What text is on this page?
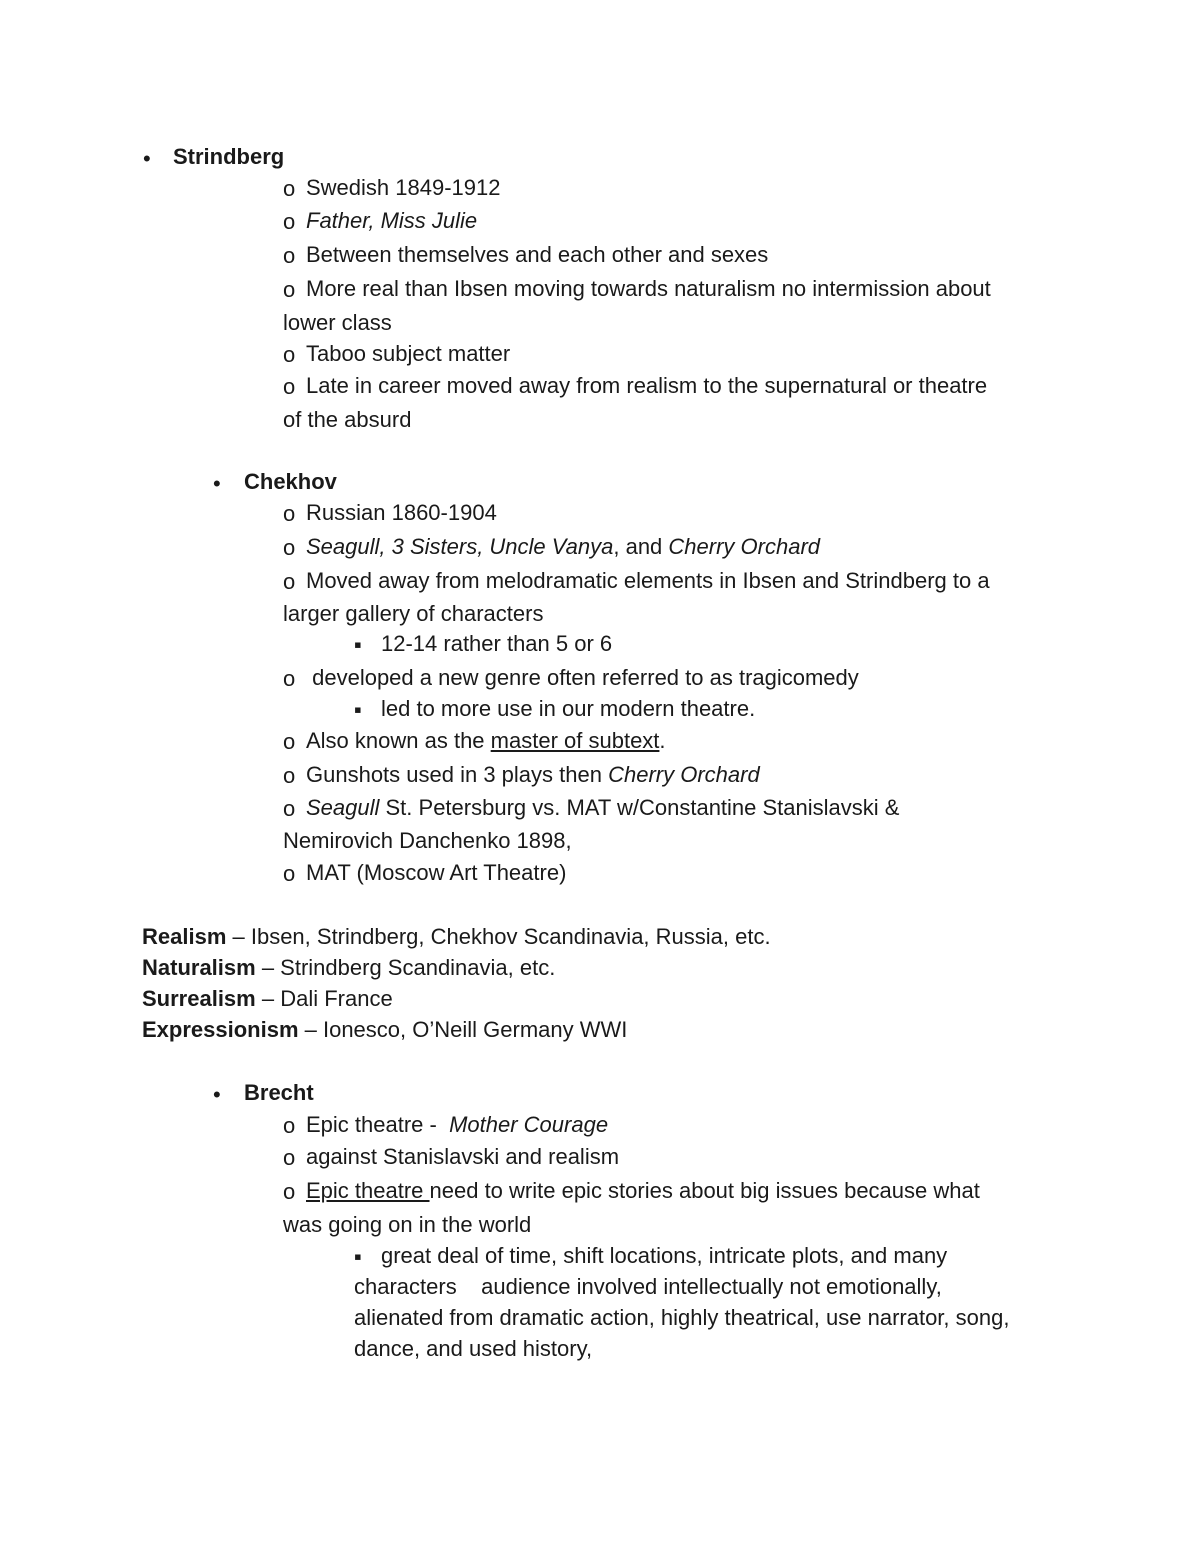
• Strindberg
o Swedish 1849-1912
o Father, Miss Julie
o Between themselves and each other and sexes
o More real than Ibsen moving towards naturalism no intermission about
lower class
o Taboo subject matter
o Late in career moved away from realism to the supernatural or theatre
of the absurd
• Chekhov
o Russian 1860-1904
o Seagull, 3 Sisters, Uncle Vanya, and Cherry Orchard
o Moved away from melodramatic elements in Ibsen and Strindberg to a
larger gallery of characters
▪ 12-14 rather than 5 or 6
o developed a new genre often referred to as tragicomedy
▪ led to more use in our modern theatre.
o Also known as the master of subtext.
o Gunshots used in 3 plays then Cherry Orchard
o Seagull St. Petersburg vs. MAT w/Constantine Stanislavski &
Nemirovich Danchenko 1898,
o MAT (Moscow Art Theatre)
Realism – Ibsen, Strindberg, Chekhov Scandinavia, Russia, etc.
Naturalism – Strindberg Scandinavia, etc.
Surrealism – Dali France
Expressionism – Ionesco, O’Neill Germany WWI
• Brecht
o Epic theatre -  Mother Courage
o against Stanislavski and realism
o Epic theatre need to write epic stories about big issues because what
was going on in the world
▪ great deal of time, shift locations, intricate plots, and many
characters    audience involved intellectually not emotionally,
alienated from dramatic action, highly theatrical, use narrator, song,
dance, and used history,
